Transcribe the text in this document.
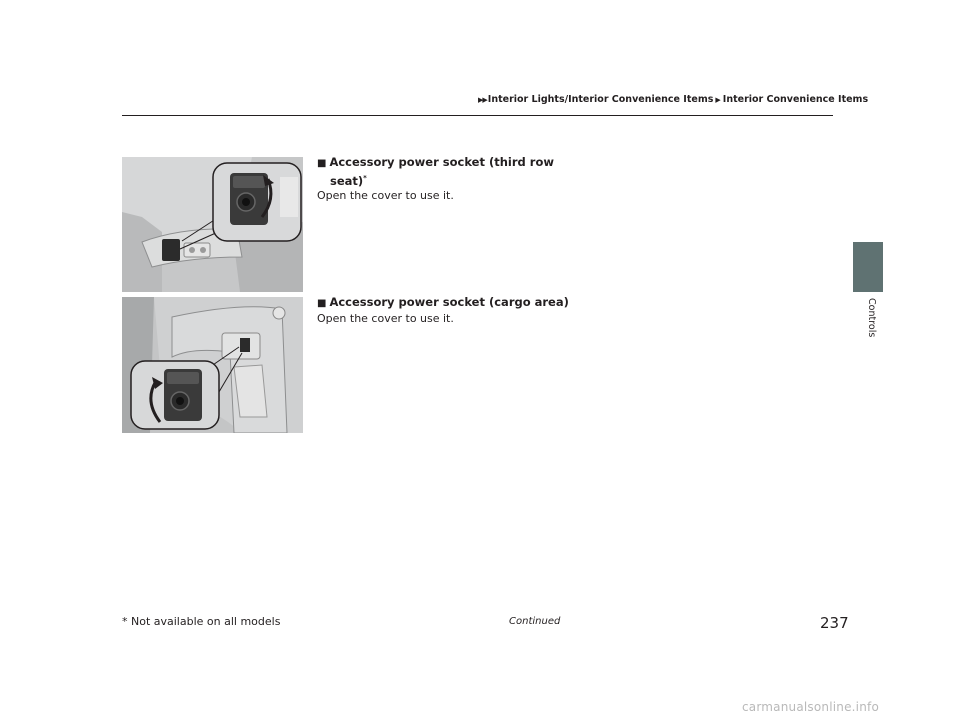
▶▶ Interior Lights/Interior Convenience Items ▶ Interior Convenience Items
Controls

■ Accessory power socket (third row
seat)*

Open the cover to use it.

■ Accessory power socket (cargo area)

Open the cover to use it.

* Not available on all models	Continued	237
carmanualsonline.info
